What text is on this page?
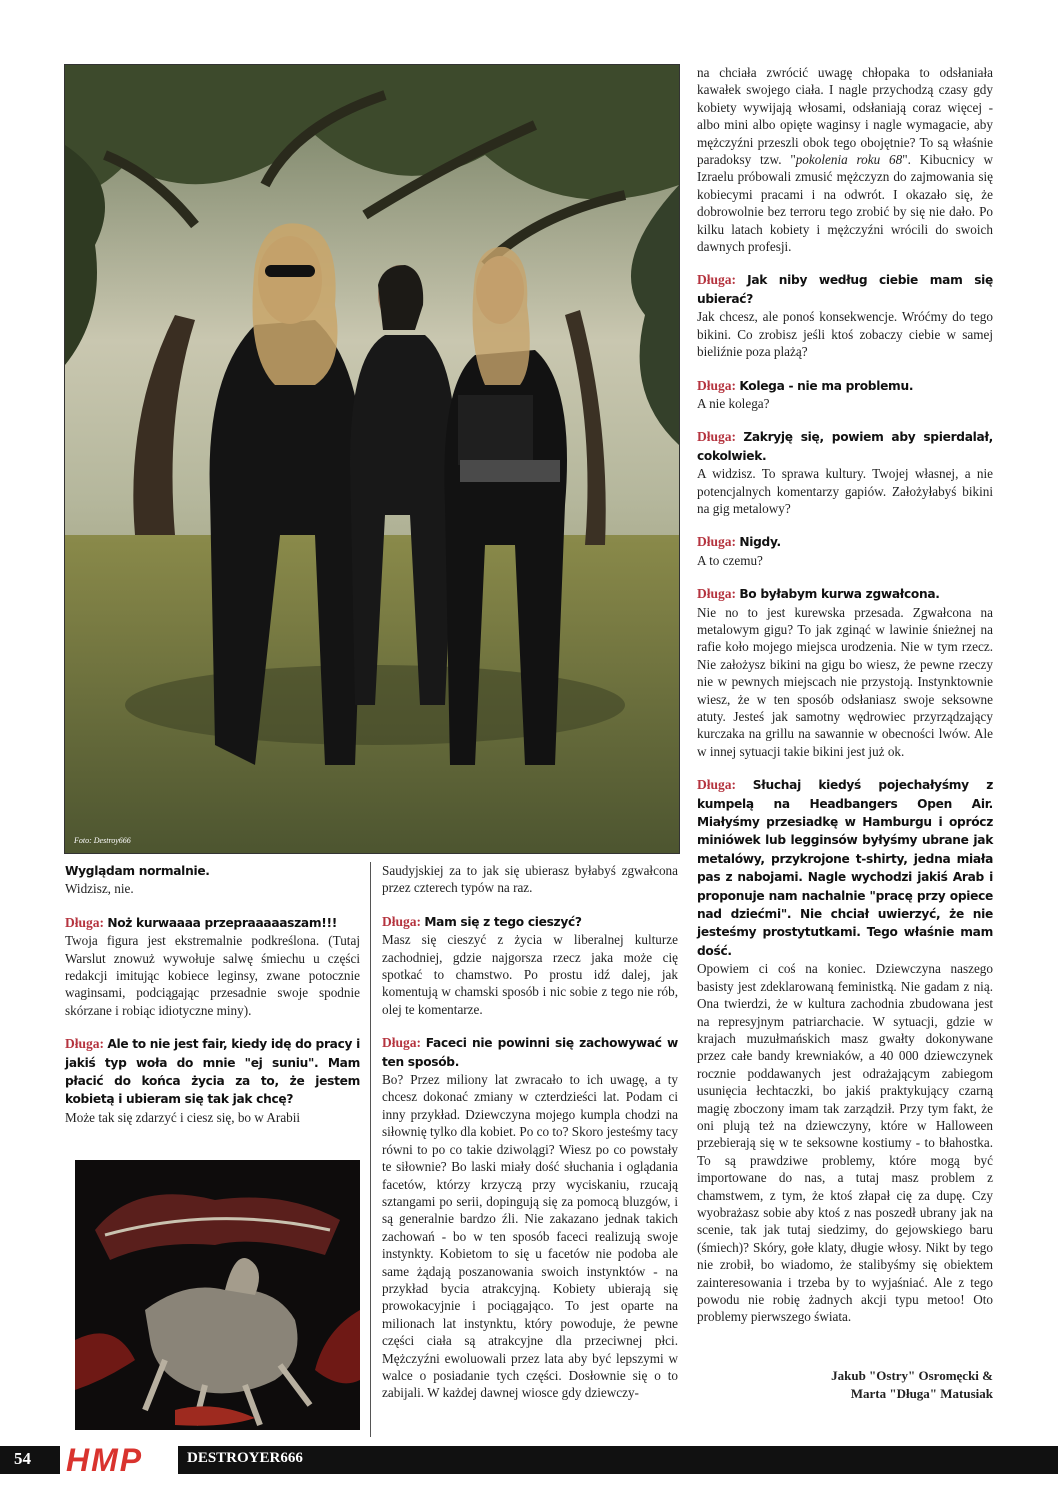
Foto: Destroy666

Wyglądam normalnie.
Widzisz, nie.

Długa: Noż kurwaaaa przepraaaaaszam!!!
Twoja figura jest ekstremalnie podkreślona. (Tutaj Warslut znowuż wywołuje salwę śmiechu u części redakcji imitując kobiece leginsy, zwane potocznie waginsami, podciągając przesadnie swoje spodnie skórzane i robiąc idiotyczne miny).

Długa: Ale to nie jest fair, kiedy idę do pracy i jakiś typ woła do mnie "ej suniu". Mam płacić do końca życia za to, że jestem kobietą i ubieram się tak jak chcę?
Może tak się zdarzyć i ciesz się, bo w Arabii

Saudyjskiej za to jak się ubierasz byłabyś zgwałcona przez czterech typów na raz.

Długa: Mam się z tego cieszyć?
Masz się cieszyć z życia w liberalnej kulturze zachodniej, gdzie najgorsza rzecz jaka może cię spotkać to chamstwo. Po prostu idź dalej, jak komentują w chamski sposób i nic sobie z tego nie rób, olej te komentarze.

Długa: Faceci nie powinni się zachowywać w ten sposób.
Bo? Przez miliony lat zwracało to ich uwagę, a ty chcesz dokonać zmiany w czterdzieści lat. Podam ci inny przykład. Dziewczyna mojego kumpla chodzi na siłownię tylko dla kobiet. Po co to? Skoro jesteśmy tacy równi to po co takie dziwolągi? Wiesz po co powstały te siłownie? Bo laski miały dość słuchania i oglądania facetów, którzy krzyczą przy wyciskaniu, rzucają sztangami po serii, dopingują się za pomocą bluzgów, i są generalnie bardzo źli. Nie zakazano jednak takich zachowań - bo w ten sposób faceci realizują swoje instynkty. Kobietom to się u facetów nie podoba ale same żądają poszanowania swoich instynktów - na przykład bycia atrakcyjną. Kobiety ubierają się prowokacyjnie i pociągająco. To jest oparte na milionach lat instynktu, który powoduje, że pewne części ciała są atrakcyjne dla przeciwnej płci. Mężczyźni ewoluowali przez lata aby być lepszymi w walce o posiadanie tych części. Dosłownie się o to zabijali. W każdej dawnej wiosce gdy dziewczy-

na chciała zwrócić uwagę chłopaka to odsłaniała kawałek swojego ciała. I nagle przychodzą czasy gdy kobiety wywijają włosami, odsłaniają coraz więcej - albo mini albo opięte waginsy i nagle wymagacie, aby mężczyźni przeszli obok tego obojętnie? To są właśnie paradoksy tzw. "pokolenia roku 68". Kibucnicy w Izraelu próbowali zmusić mężczyzn do zajmowania się kobiecymi pracami i na odwrót. I okazało się, że dobrowolnie bez terroru tego zrobić by się nie dało. Po kilku latach kobiety i mężczyźni wrócili do swoich dawnych profesji.

Długa: Jak niby według ciebie mam się ubierać?
Jak chcesz, ale ponoś konsekwencje. Wróćmy do tego bikini. Co zrobisz jeśli ktoś zobaczy ciebie w samej bieliźnie poza plażą?

Długa: Kolega - nie ma problemu.
A nie kolega?

Długa: Zakryję się, powiem aby spierdalał, cokolwiek.
A widzisz. To sprawa kultury. Twojej własnej, a nie potencjalnych komentarzy gapiów. Założyłabyś bikini na gig metalowy?

Długa: Nigdy.
A to czemu?

Długa: Bo byłabym kurwa zgwałcona.
Nie no to jest kurewska przesada. Zgwałcona na metalowym gigu? To jak zginąć w lawinie śnieżnej na rafie koło mojego miejsca urodzenia. Nie w tym rzecz. Nie założysz bikini na gigu bo wiesz, że pewne rzeczy nie w pewnych miejscach nie przystoją. Instynktownie wiesz, że w ten sposób odsłaniasz swoje seksowne atuty. Jesteś jak samotny wędrowiec przyrządzający kurczaka na grillu na sawannie w obecności lwów. Ale w innej sytuacji takie bikini jest już ok.

Długa: Słuchaj kiedyś pojechałyśmy z kumpelą na Headbangers Open Air. Miałyśmy przesiadkę w Hamburgu i oprócz miniówek lub legginsów byłyśmy ubrane jak metalówy, przykrojone t-shirty, jedna miała pas z nabojami. Nagle wychodzi jakiś Arab i proponuje nam nachalnie "pracę przy opiece nad dziećmi". Nie chciał uwierzyć, że nie jesteśmy prostytutkami. Tego właśnie mam dość.
Opowiem ci coś na koniec. Dziewczyna naszego basisty jest zdeklarowaną feministką. Nie gadam z nią. Ona twierdzi, że w kultura zachodnia zbudowana jest na represyjnym patriarchacie. W sytuacji, gdzie w krajach muzułmańskich masz gwałty dokonywane przez całe bandy krewniaków, a 40 000 dziewczynek rocznie poddawanych jest odrażającym zabiegom usunięcia łechtaczki, bo jakiś praktykujący czarną magię zboczony imam tak zarządził. Przy tym fakt, że oni plują też na dziewczyny, które w Halloween przebierają się w te seksowne kostiumy - to błahostka. To są prawdziwe problemy, które mogą być importowane do nas, a tutaj masz problem z chamstwem, z tym, że ktoś złapał cię za dupę. Czy wyobrażasz sobie aby ktoś z nas poszedł ubrany jak na scenie, tak jak tutaj siedzimy, do gejowskiego baru (śmiech)? Skóry, gołe klaty, długie włosy. Nikt by tego nie zrobił, bo wiadomo, że stalibyśmy się obiektem zainteresowania i trzeba by to wyjaśniać. Ale z tego powodu nie robię żadnych akcji typu metoo! Oto problemy pierwszego świata.

Jakub "Ostry" Osromęcki &
Marta "Długa" Matusiak
54 HMP	DESTROYER666
